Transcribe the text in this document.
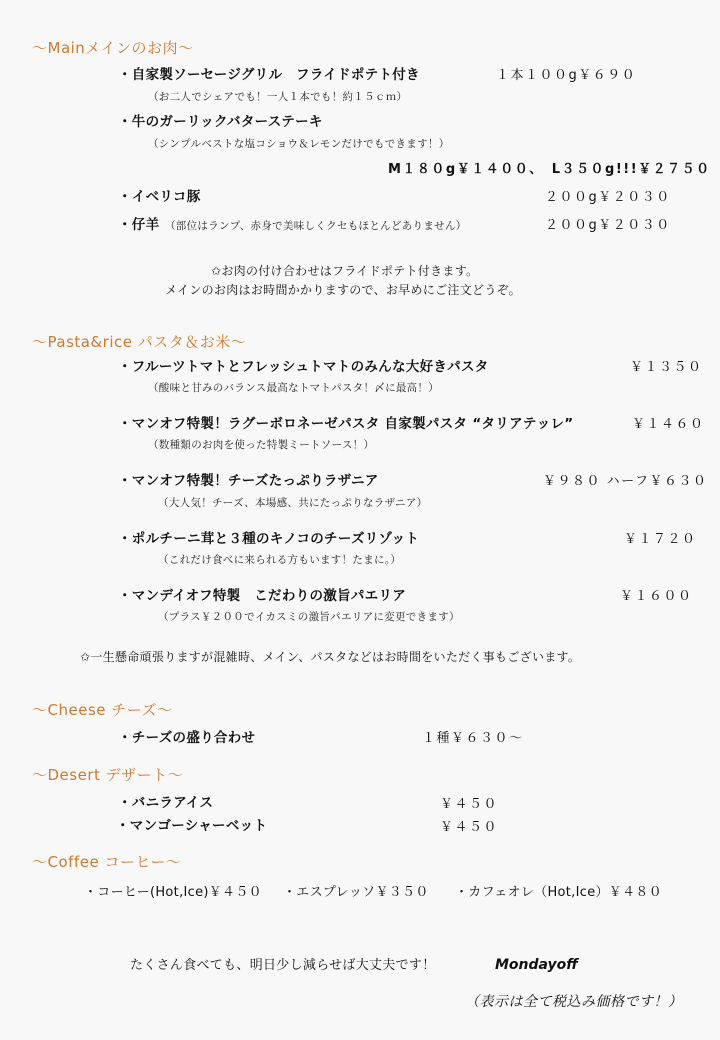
～Mainメインのお肉～
・自家製ソーセージグリル　フライドポテト付き	１本１００g￥６９０
（お二人でシェアでも！一人１本でも！約１５ｃｍ）
・牛のガーリックバターステーキ
（シンプルベストな塩コショウ＆レモンだけでもできます！）
M１８０g￥１４００、　L３５０g!!!￥２７５０
・イベリコ豚	２００g￥２０３０
・仔羊 （部位はランプ、赤身で美味しくクセもほとんどありません）	２００g￥２０３０
✩お肉の付け合わせはフライドポテト付きます。
メインのお肉はお時間かかりますので、お早めにご注文どうぞ。
～Pasta&rice パスタ＆お米～
・フルーツトマトとフレッシュトマトのみんな大好きパスタ	￥１３５０
（酸味と甘みのバランス最高なトマトパスタ！〆に最高！）
・マンオフ特製！ラグーボロネーゼパスタ 自家製パスタ “タリアテッレ”	￥１４６０
（数種類のお肉を使った特製ミートソース！）
・マンオフ特製！チーズたっぷりラザニア	￥９８０ ハーフ￥６３０
（大人気！チーズ、本場感、共にたっぷりなラザニア）
・ポルチーニ茸と３種のキノコのチーズリゾット	￥１７２０
（これだけ食べに来られる方もいます！たまに。）
・マンデイオフ特製　こだわりの激旨パエリア	￥１６００
（プラス￥２００でイカスミの激旨パエリアに変更できます）
✩一生懸命頑張りますが混雑時、メイン、パスタなどはお時間をいただく事もございます。
～Cheese チーズ～
・チーズの盛り合わせ	１種￥６３０～
～Desert デザート～
・バニラアイス	￥４５０
・マンゴーシャーベット	￥４５０
～Coffee コーヒー～
・コーヒー(Hot,Ice)￥４５０ ・エスプレッソ￥３５０ ・カフェオレ（Hot,Ice）￥４８０
たくさん食べても、明日少し減らせば大丈夫です！	Mondayoff
（表示は全て税込み価格です！）
